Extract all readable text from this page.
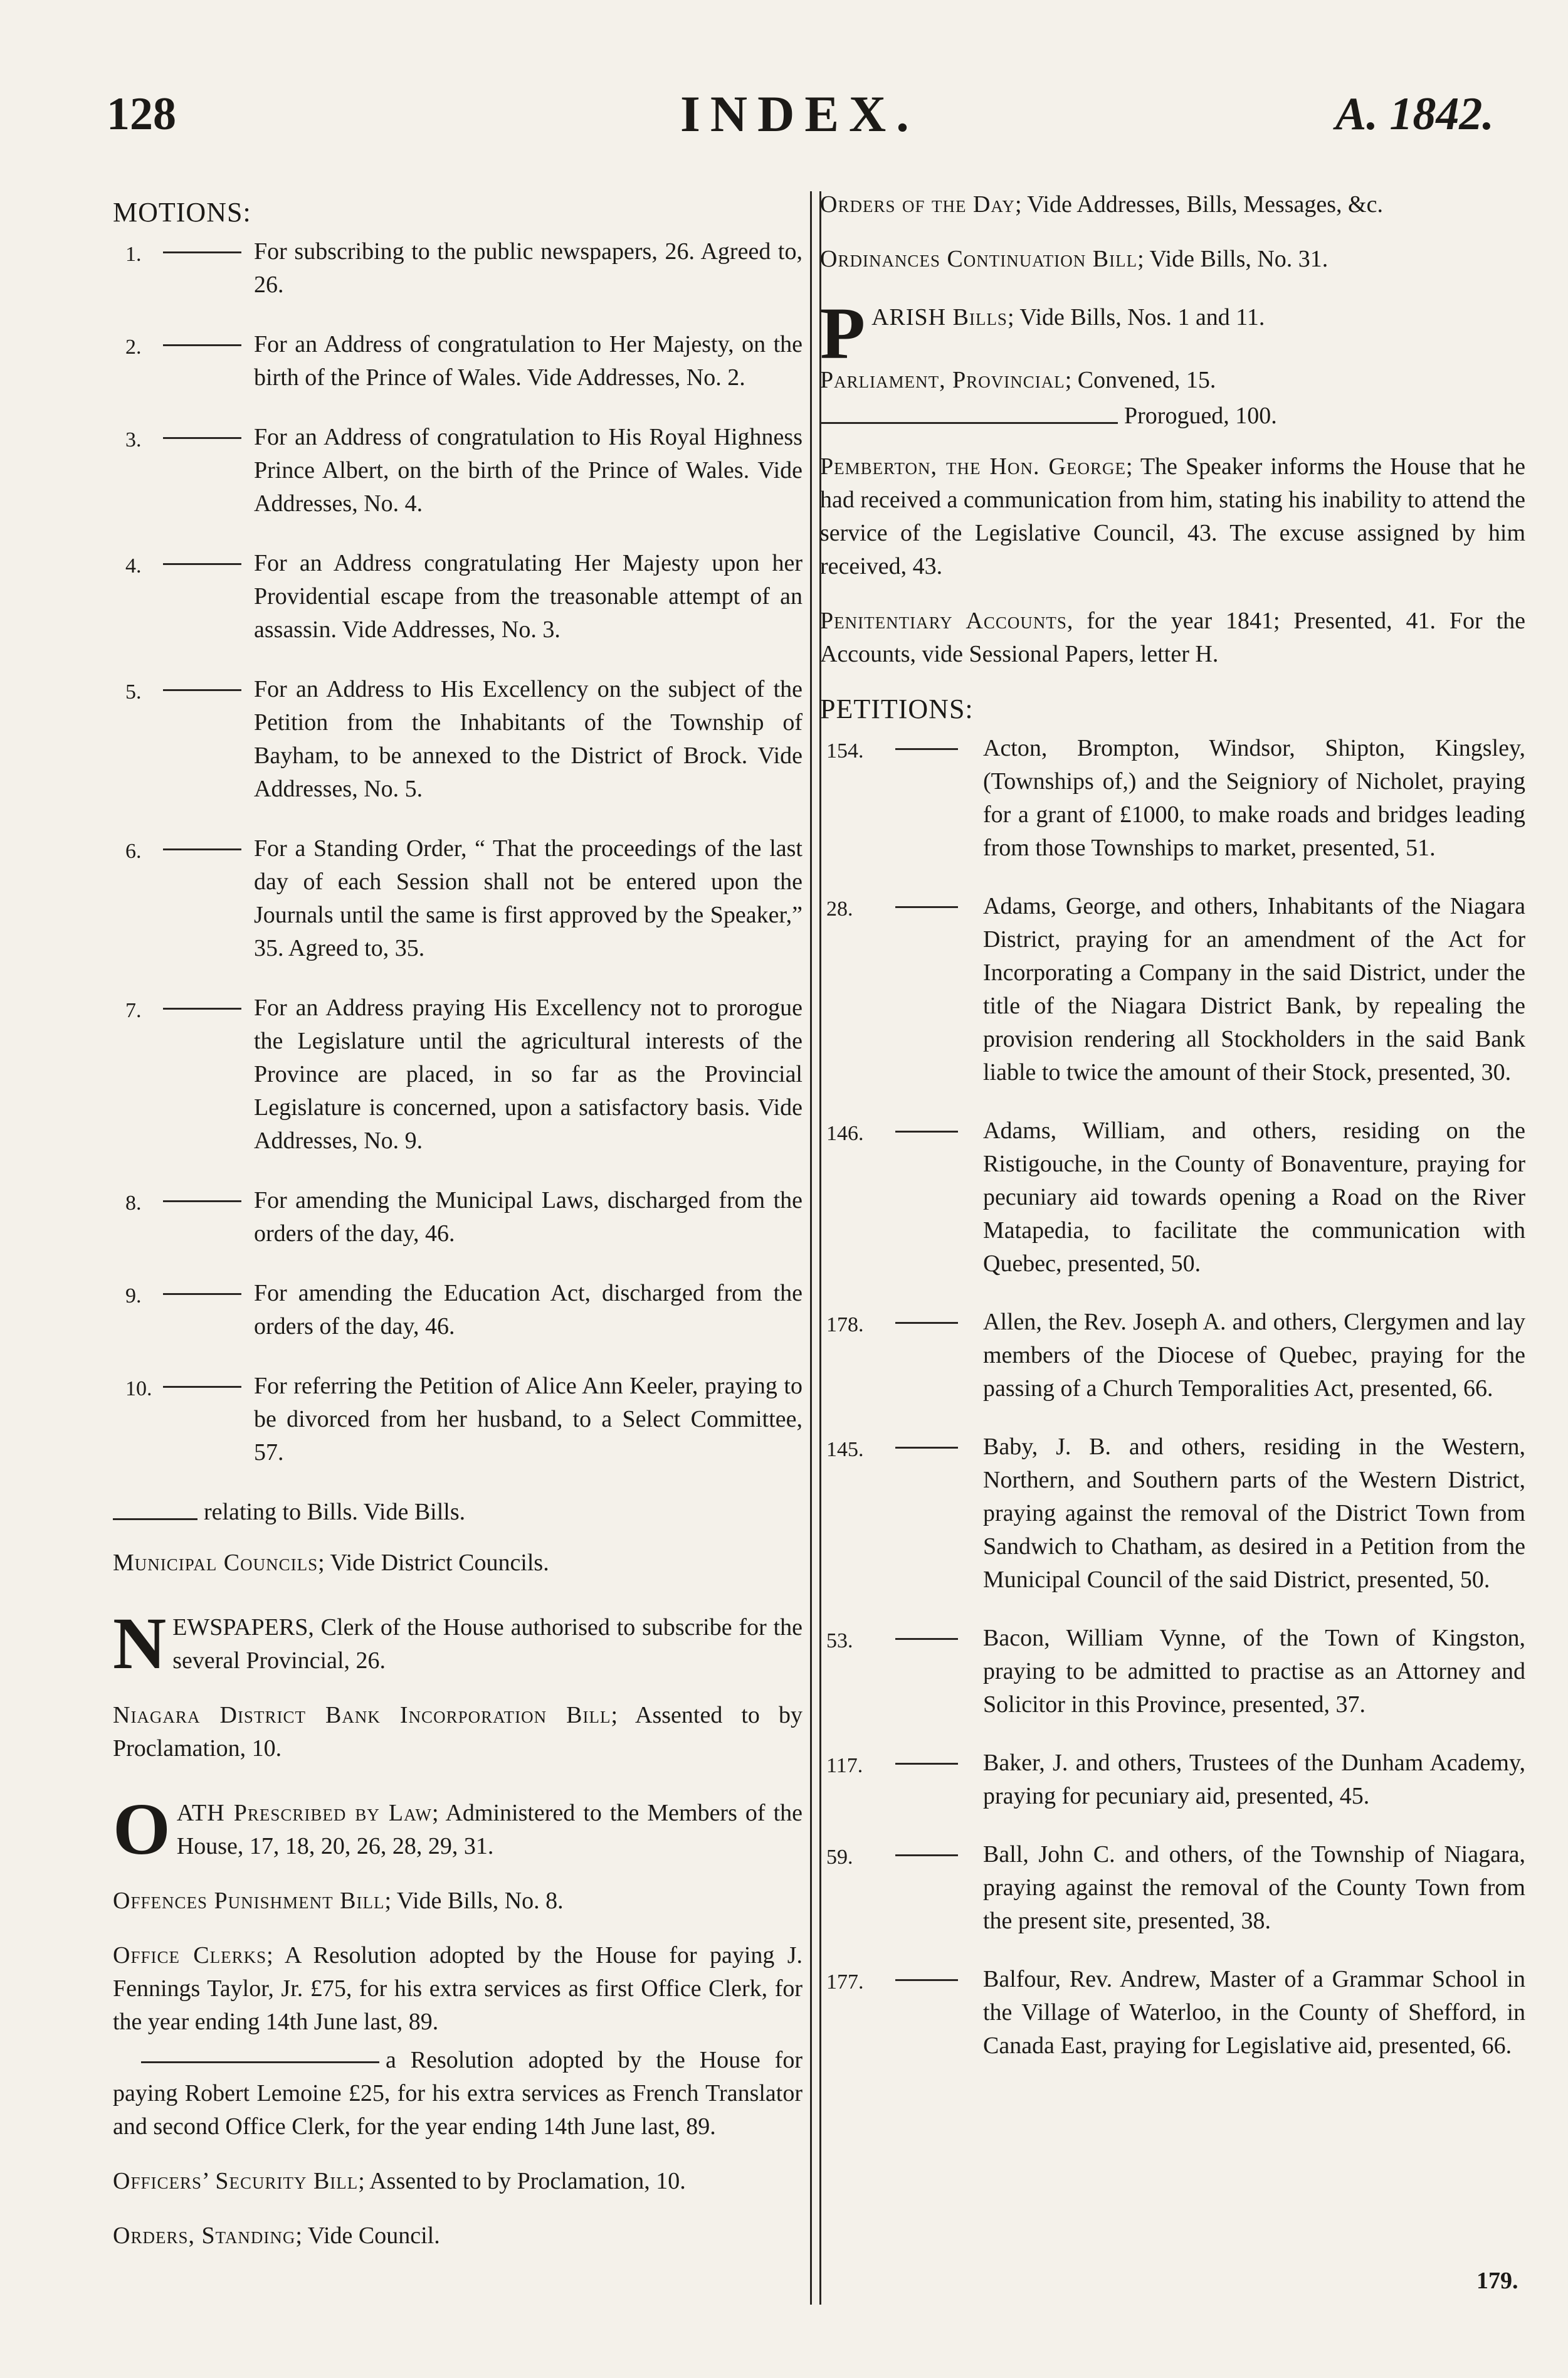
128	INDEX.	A. 1842.
MOTIONS:
1.	For subscribing to the public newspapers, 26. Agreed to, 26.
2.	For an Address of congratulation to Her Majesty, on the birth of the Prince of Wales. Vide Addresses, No. 2.
3.	For an Address of congratulation to His Royal Highness Prince Albert, on the birth of the Prince of Wales. Vide Addresses, No. 4.
4.	For an Address congratulating Her Majesty upon her Providential escape from the treasonable attempt of an assassin. Vide Addresses, No. 3.
5.	For an Address to His Excellency on the subject of the Petition from the Inhabitants of the Township of Bayham, to be annexed to the District of Brock. Vide Addresses, No. 5.
6.	For a Standing Order, “ That the proceedings of the last day of each Session shall not be entered upon the Journals until the same is first approved by the Speaker,” 35. Agreed to, 35.
7.	For an Address praying His Excellency not to prorogue the Legislature until the agricultural interests of the Province are placed, in so far as the Provincial Legislature is concerned, upon a satisfactory basis. Vide Addresses, No. 9.
8.	For amending the Municipal Laws, discharged from the orders of the day, 46.
9.	For amending the Education Act, discharged from the orders of the day, 46.
10.	For referring the Petition of Alice Ann Keeler, praying to be divorced from her husband, to a Select Committee, 57.
relating to Bills. Vide Bills.
Municipal Councils; Vide District Councils.
N EWSPAPERS, Clerk of the House authorised to subscribe for the several Provincial, 26.
Niagara District Bank Incorporation Bill; Assented to by Proclamation, 10.
O ATH Prescribed by Law; Administered to the Members of the House, 17, 18, 20, 26, 28, 29, 31.
Offences Punishment Bill; Vide Bills, No. 8.
Office Clerks; A Resolution adopted by the House for paying J. Fennings Taylor, Jr. £75, for his extra services as first Office Clerk, for the year ending 14th June last, 89.
a Resolution adopted by the House for paying Robert Lemoine £25, for his extra services as French Translator and second Office Clerk, for the year ending 14th June last, 89.
Officers’ Security Bill; Assented to by Proclamation, 10.
Orders, Standing; Vide Council.
Orders of the Day; Vide Addresses, Bills, Messages, &c.
Ordinances Continuation Bill; Vide Bills, No. 31.
P ARISH Bills; Vide Bills, Nos. 1 and 11.
Parliament, Provincial; Convened, 15.
Prorogued, 100.
Pemberton, the Hon. George; The Speaker informs the House that he had received a communication from him, stating his inability to attend the service of the Legislative Council, 43. The excuse assigned by him received, 43.
Penitentiary Accounts, for the year 1841; Presented, 41. For the Accounts, vide Sessional Papers, letter H.
PETITIONS:
154.	Acton, Brompton, Windsor, Shipton, Kingsley, (Townships of,) and the Seigniory of Nicholet, praying for a grant of £1000, to make roads and bridges leading from those Townships to market, presented, 51.
28.	Adams, George, and others, Inhabitants of the Niagara District, praying for an amendment of the Act for Incorporating a Company in the said District, under the title of the Niagara District Bank, by repealing the provision rendering all Stockholders in the said Bank liable to twice the amount of their Stock, presented, 30.
146.	Adams, William, and others, residing on the Ristigouche, in the County of Bonaventure, praying for pecuniary aid towards opening a Road on the River Matapedia, to facilitate the communication with Quebec, presented, 50.
178.	Allen, the Rev. Joseph A. and others, Clergymen and lay members of the Diocese of Quebec, praying for the passing of a Church Temporalities Act, presented, 66.
145.	Baby, J. B. and others, residing in the Western, Northern, and Southern parts of the Western District, praying against the removal of the District Town from Sandwich to Chatham, as desired in a Petition from the Municipal Council of the said District, presented, 50.
53.	Bacon, William Vynne, of the Town of Kingston, praying to be admitted to practise as an Attorney and Solicitor in this Province, presented, 37.
117.	Baker, J. and others, Trustees of the Dunham Academy, praying for pecuniary aid, presented, 45.
59.	Ball, John C. and others, of the Township of Niagara, praying against the removal of the County Town from the present site, presented, 38.
177.	Balfour, Rev. Andrew, Master of a Grammar School in the Village of Waterloo, in the County of Shefford, in Canada East, praying for Legislative aid, presented, 66.
179.
